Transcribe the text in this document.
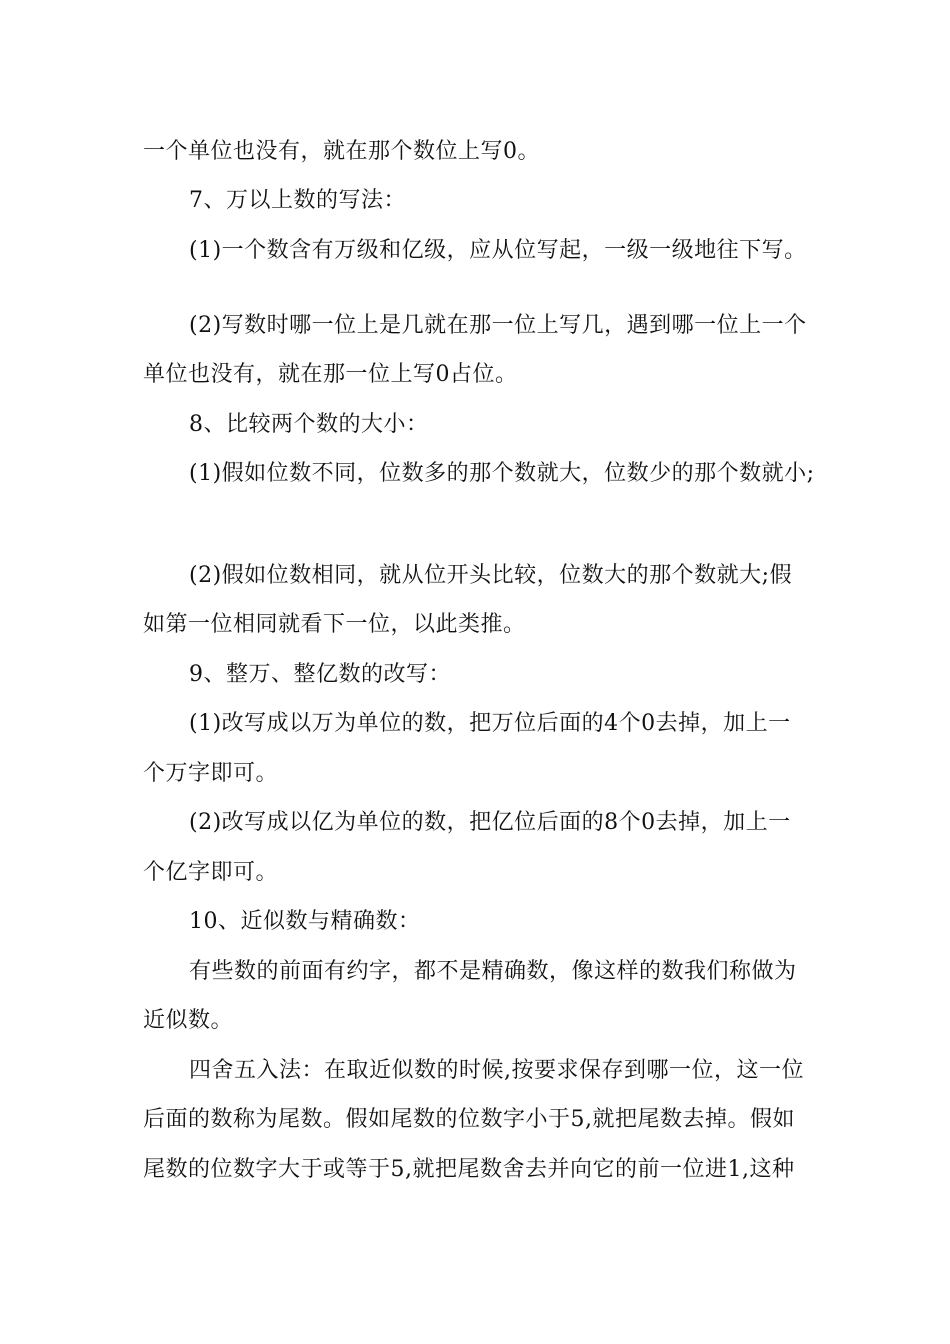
一个单位也没有，就在那个数位上写0。
7、万以上数的写法：
(1)一个数含有万级和亿级，应从位写起，一级一级地往下写。
(2)写数时哪一位上是几就在那一位上写几，遇到哪一位上一个
单位也没有，就在那一位上写0占位。
8、比较两个数的大小：
(1)假如位数不同，位数多的那个数就大，位数少的那个数就小;
(2)假如位数相同，就从位开头比较，位数大的那个数就大;假
如第一位相同就看下一位，以此类推。
9、整万、整亿数的改写：
(1)改写成以万为单位的数，把万位后面的4个0去掉，加上一
个万字即可。
(2)改写成以亿为单位的数，把亿位后面的8个0去掉，加上一
个亿字即可。
10、近似数与精确数：
有些数的前面有约字，都不是精确数，像这样的数我们称做为
近似数。
四舍五入法：在取近似数的时候,按要求保存到哪一位，这一位
后面的数称为尾数。假如尾数的位数字小于5,就把尾数去掉。假如
尾数的位数字大于或等于5,就把尾数舍去并向它的前一位进1,这种
